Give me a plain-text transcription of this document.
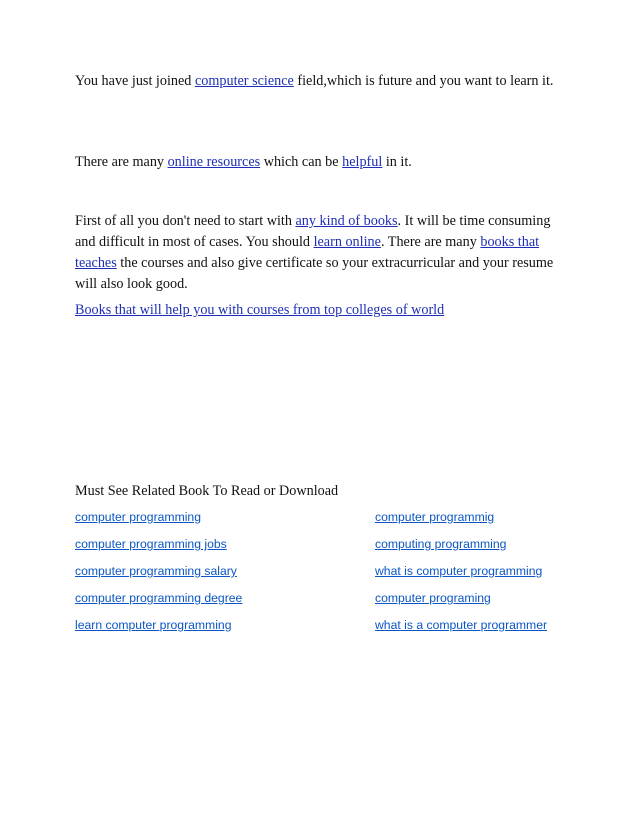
You have just joined computer science field,which is future and you want to learn it.

There are many online resources which can be helpful in it.

First of all you don't need to start with any kind of books. It will be time consuming and difficult in most of cases. You should learn online. There are many books that teaches the courses and also give certificate so your extracurricular and your resume will also look good.

Books that will help you with courses from top colleges of world

Must See Related Book To Read or Download
computer programming
computer programming jobs
computer programming salary
computer programming degree
learn computer programming
computer programmig
computing programming
what is computer programming
computer programing
what is a computer programmer
